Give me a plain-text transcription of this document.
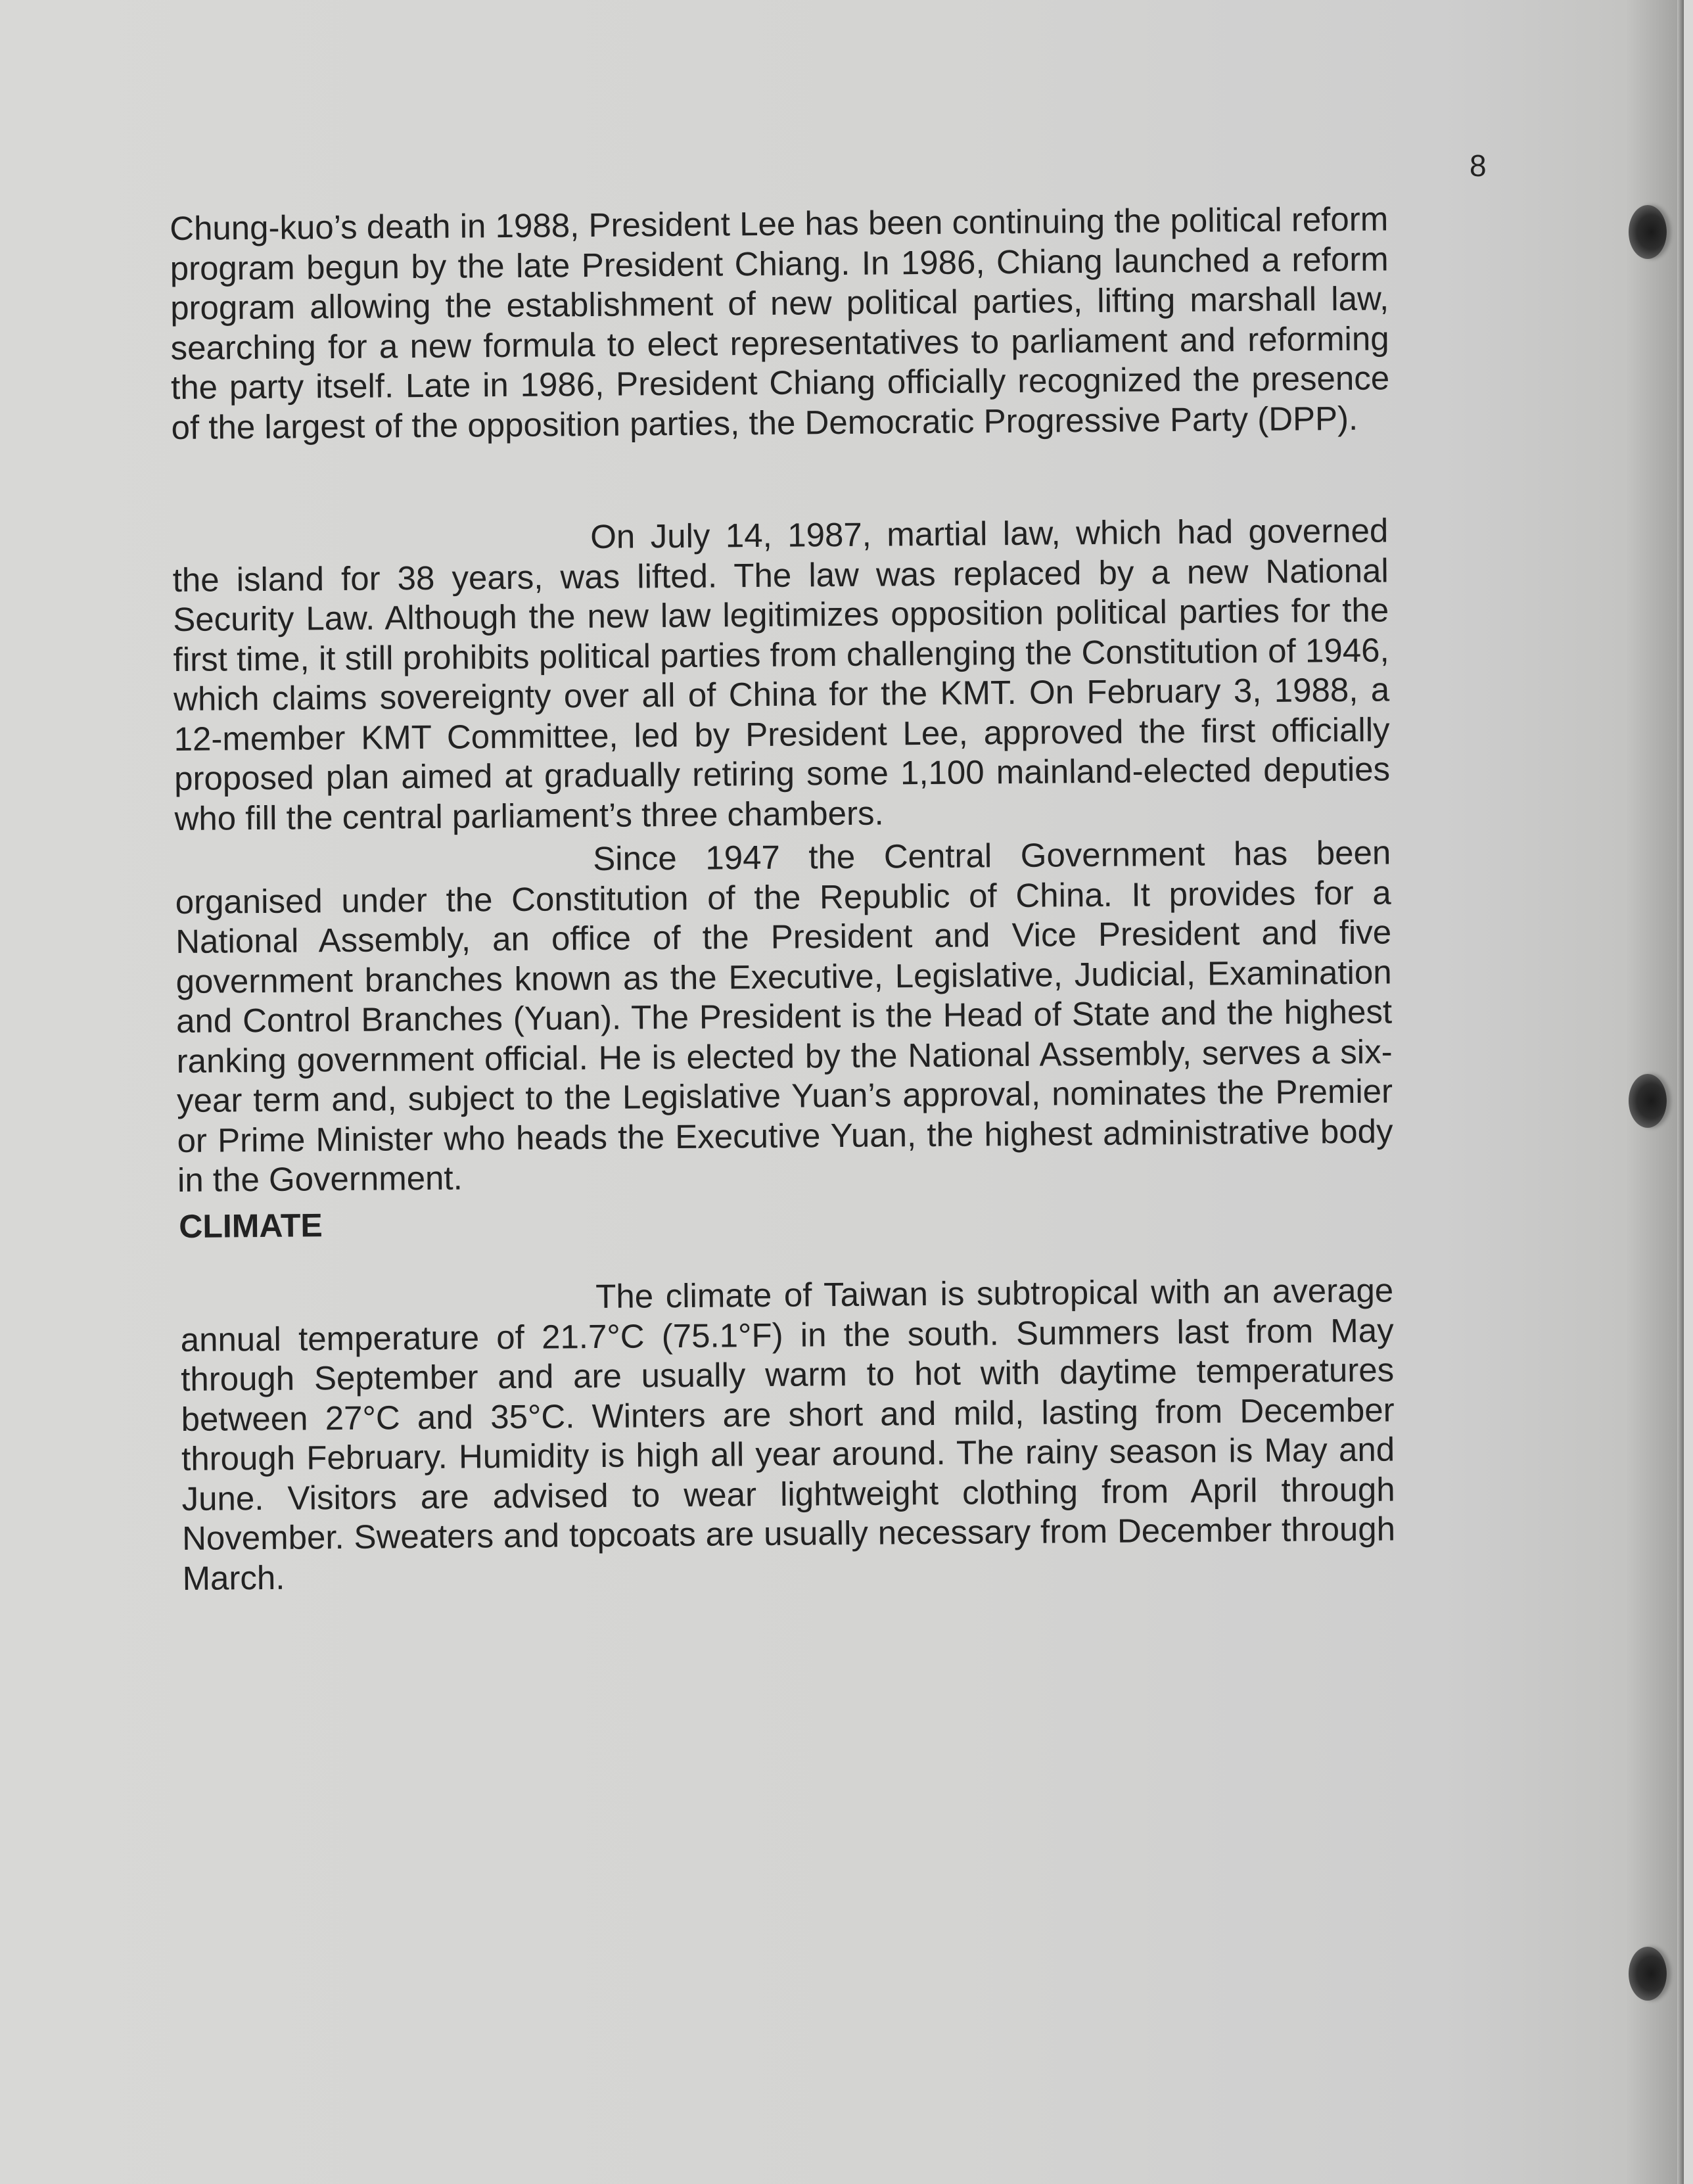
8

Chung-kuo’s death in 1988, President Lee has been continuing the political reform program begun by the late President Chiang. In 1986, Chiang launched a reform program allowing the establishment of new political parties, lifting marshall law, searching for a new formula to elect representatives to parliament and reforming the party itself. Late in 1986, President Chiang officially recognized the presence of the largest of the opposition parties, the Democratic Progressive Party (DPP).

On July 14, 1987, martial law, which had governed the island for 38 years, was lifted. The law was replaced by a new National Security Law. Although the new law legitimizes opposition political parties for the first time, it still prohibits political parties from challenging the Constitution of 1946, which claims sovereignty over all of China for the KMT. On February 3, 1988, a 12-member KMT Committee, led by President Lee, approved the first officially proposed plan aimed at gradually retiring some 1,100 mainland-elected deputies who fill the central parliament’s three chambers.

Since 1947 the Central Government has been organised under the Constitution of the Republic of China. It provides for a National Assembly, an office of the President and Vice President and five government branches known as the Executive, Legislative, Judicial, Examination and Control Branches (Yuan). The President is the Head of State and the highest ranking government official. He is elected by the National Assembly, serves a six-year term and, subject to the Legislative Yuan’s approval, nominates the Premier or Prime Minister who heads the Executive Yuan, the highest administrative body in the Government.

CLIMATE

The climate of Taiwan is subtropical with an average annual temperature of 21.7°C (75.1°F) in the south. Summers last from May through September and are usually warm to hot with daytime temperatures between 27°C and 35°C. Winters are short and mild, lasting from December through February. Humidity is high all year around. The rainy season is May and June. Visitors are advised to wear lightweight clothing from April through November. Sweaters and topcoats are usually necessary from December through March.
